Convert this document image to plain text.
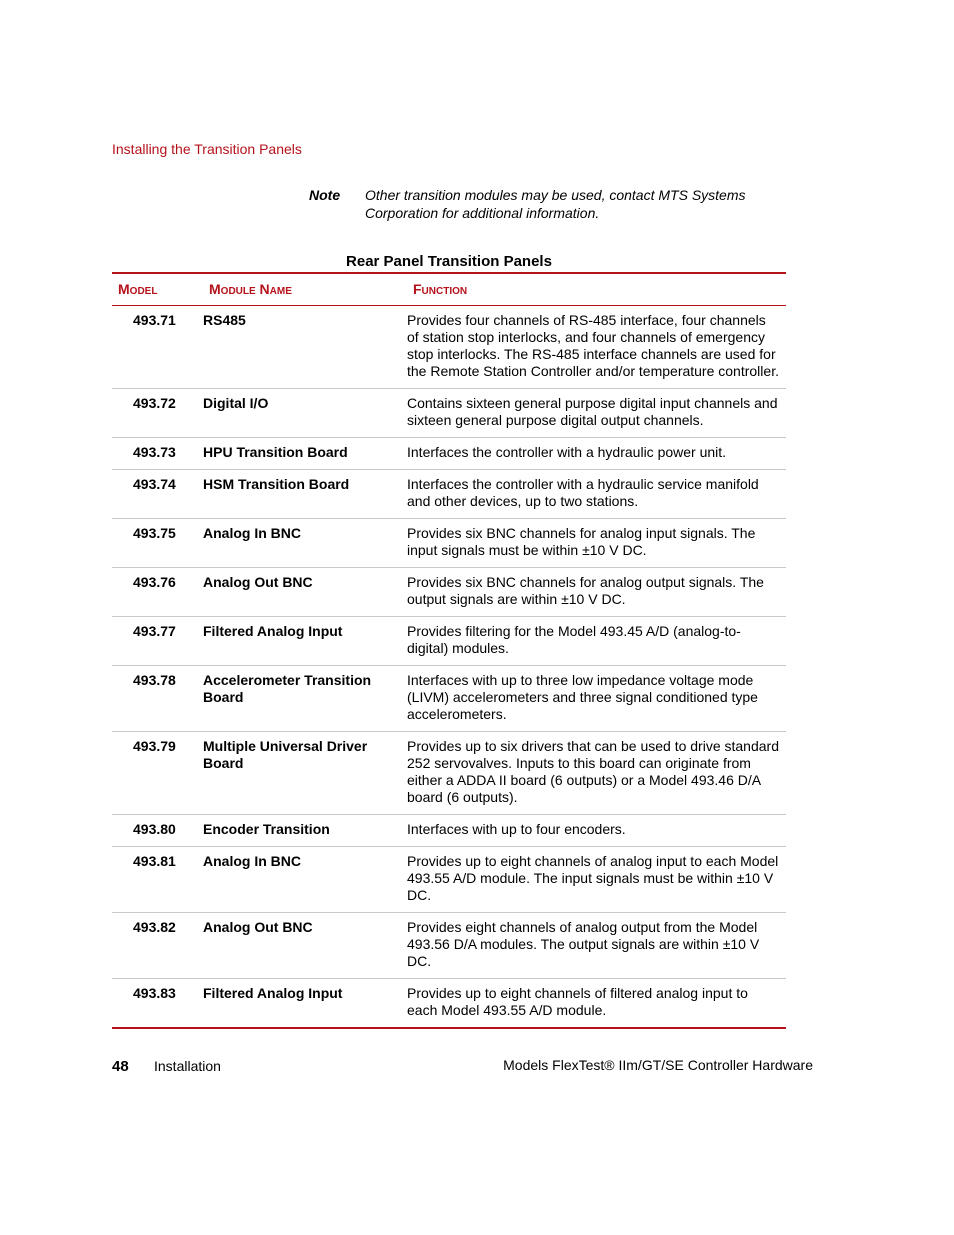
Installing the Transition Panels
Note Other transition modules may be used, contact MTS Systems Corporation for additional information.
Rear Panel Transition Panels
Model	Module Name	Function
493.71	RS485	Provides four channels of RS-485 interface, four channels of station stop interlocks, and four channels of emergency stop interlocks. The RS-485 interface channels are used for the Remote Station Controller and/or temperature controller.
493.72	Digital I/O	Contains sixteen general purpose digital input channels and sixteen general purpose digital output channels.
493.73	HPU Transition Board	Interfaces the controller with a hydraulic power unit.
493.74	HSM Transition Board	Interfaces the controller with a hydraulic service manifold and other devices, up to two stations.
493.75	Analog In BNC	Provides six BNC channels for analog input signals. The input signals must be within ±10 V DC.
493.76	Analog Out BNC	Provides six BNC channels for analog output signals. The output signals are within ±10 V DC.
493.77	Filtered Analog Input	Provides filtering for the Model 493.45 A/D (analog-to-digital) modules.
493.78	Accelerometer Transition Board	Interfaces with up to three low impedance voltage mode (LIVM) accelerometers and three signal conditioned type accelerometers.
493.79	Multiple Universal Driver Board	Provides up to six drivers that can be used to drive standard 252 servovalves. Inputs to this board can originate from either a ADDA II board (6 outputs) or a Model 493.46 D/A board (6 outputs).
493.80	Encoder Transition	Interfaces with up to four encoders.
493.81	Analog In BNC	Provides up to eight channels of analog input to each Model 493.55 A/D module. The input signals must be within ±10 V DC.
493.82	Analog Out BNC	Provides eight channels of analog output from the Model 493.56 D/A modules. The output signals are within ±10 V DC.
493.83	Filtered Analog Input	Provides up to eight channels of filtered analog input to each Model 493.55 A/D module.
48 Installation	Models FlexTest® IIm/GT/SE Controller Hardware
